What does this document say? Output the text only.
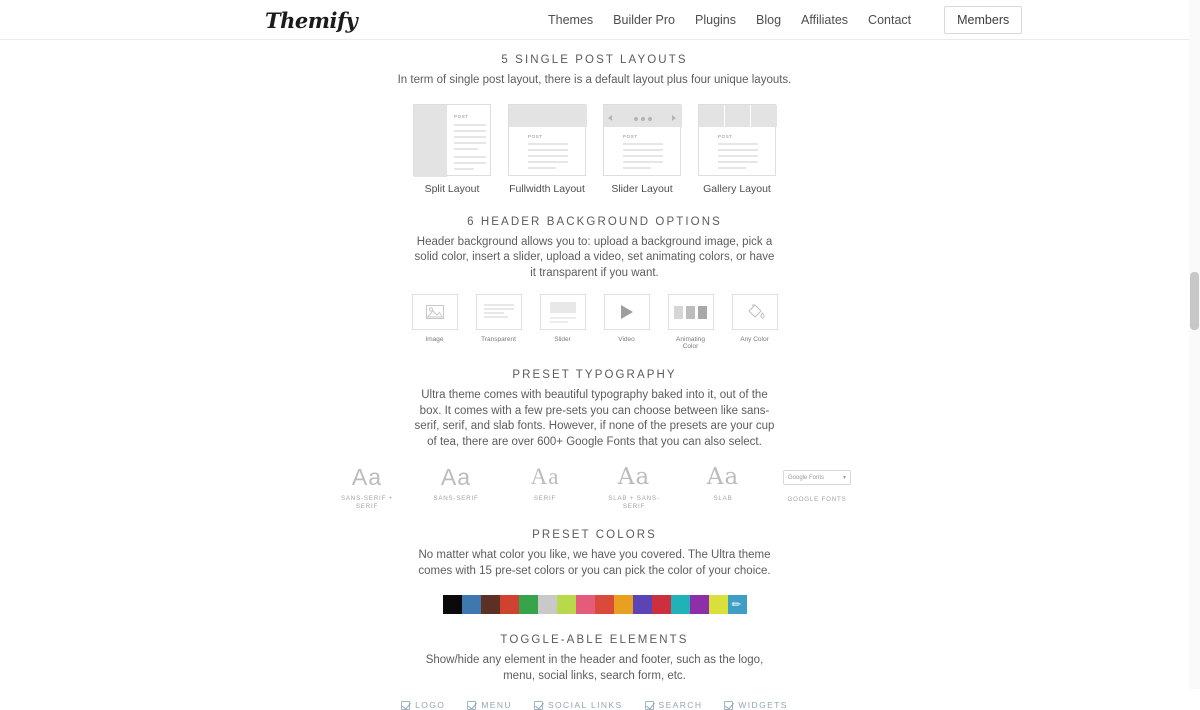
Themify	Themes Builder Pro Plugins Blog Affiliates Contact	Members
5 SINGLE POST LAYOUTS

In term of single post layout, there is a default layout plus four unique layouts.

POST
Split Layout
POST
Fullwidth Layout
POST
Slider Layout
POST
Gallery Layout
6 HEADER BACKGROUND OPTIONS

Header background allows you to: upload a background image, pick a solid color, insert a slider, upload a video, set animating colors, or have it transparent if you want.

Image	Transparent	Slider	Video	Animating Color
Any Color
PRESET TYPOGRAPHY

Ultra theme comes with beautiful typography baked into it, out of the box. It comes with a few pre-sets you can choose between like sans-serif, serif, and slab fonts. However, if none of the presets are your cup of tea, there are over 600+ Google Fonts that you can also select.

Aa
SANS-SERIF + SERIF
Aa
SANS-SERIF
Aa
SERIF
Aa
SLAB + SANS-SERIF
Aa
SLAB
Google Fonts	▾
GOOGLE FONTS
PRESET COLORS

No matter what color you like, we have you covered. The Ultra theme comes with 15 pre-set colors or you can pick the color of your choice.

✎
TOGGLE-ABLE ELEMENTS

Show/hide any element in the header and footer, such as the logo, menu, social links, search form, etc.

LOGO	MENU	SOCIAL LINKS	SEARCH	WIDGETS
